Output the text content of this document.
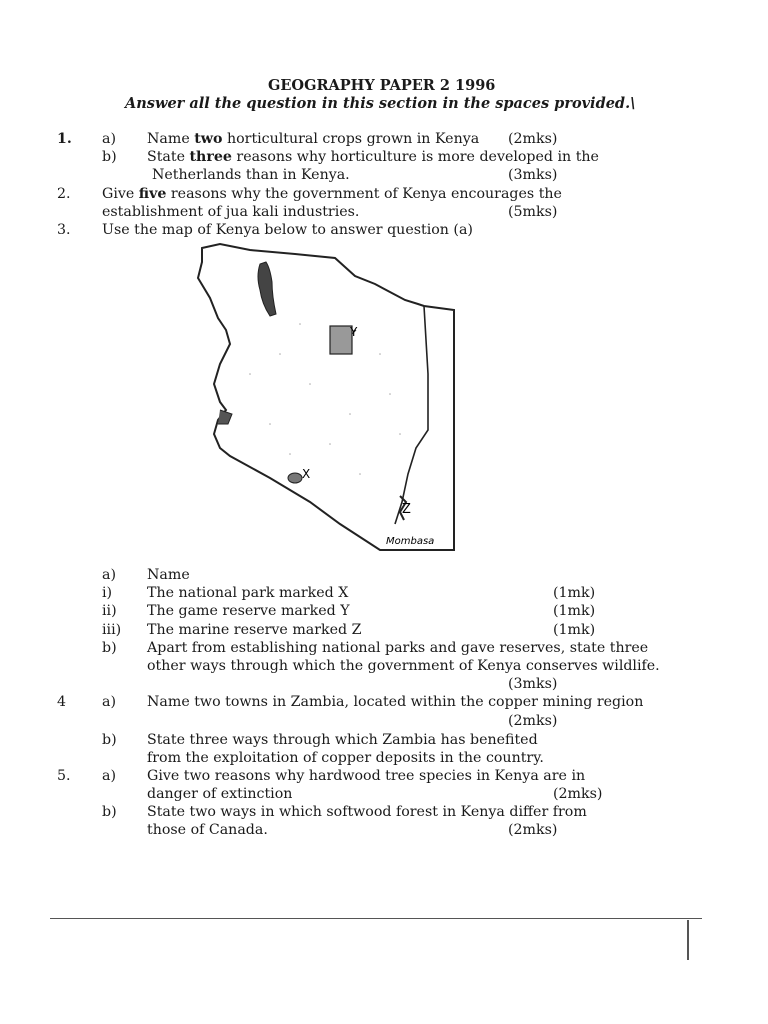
GEOGRAPHY PAPER 2 1996
Answer all the question in this section in the spaces provided.\
1. a) Name two horticultural crops grown in Kenya (2mks)
b) State three reasons why horticulture is more developed in the
Netherlands than in Kenya.	(3mks)
2. Give five reasons why the government of Kenya encourages the
establishment of jua kali industries.	(5mks)
3. Use the map of Kenya below to answer question (a)
Y
X
Z
Mombasa
a) Name
i) The national park marked X	(1mk)
ii) The game reserve marked Y	(1mk)
iii) The marine reserve marked Z	(1mk)
b) Apart from establishing national parks and gave reserves, state three
other ways through which the government of Kenya conserves wildlife.
(3mks)
4	a) Name two towns in Zambia, located within the copper mining region
(2mks)
b) State three ways through which Zambia has benefited
from the exploitation of copper deposits in the country.
5. a) Give two reasons why hardwood tree species in Kenya are in
danger of extinction	(2mks)
b) State two ways in which softwood forest in Kenya differ from
those of Canada.	(2mks)
